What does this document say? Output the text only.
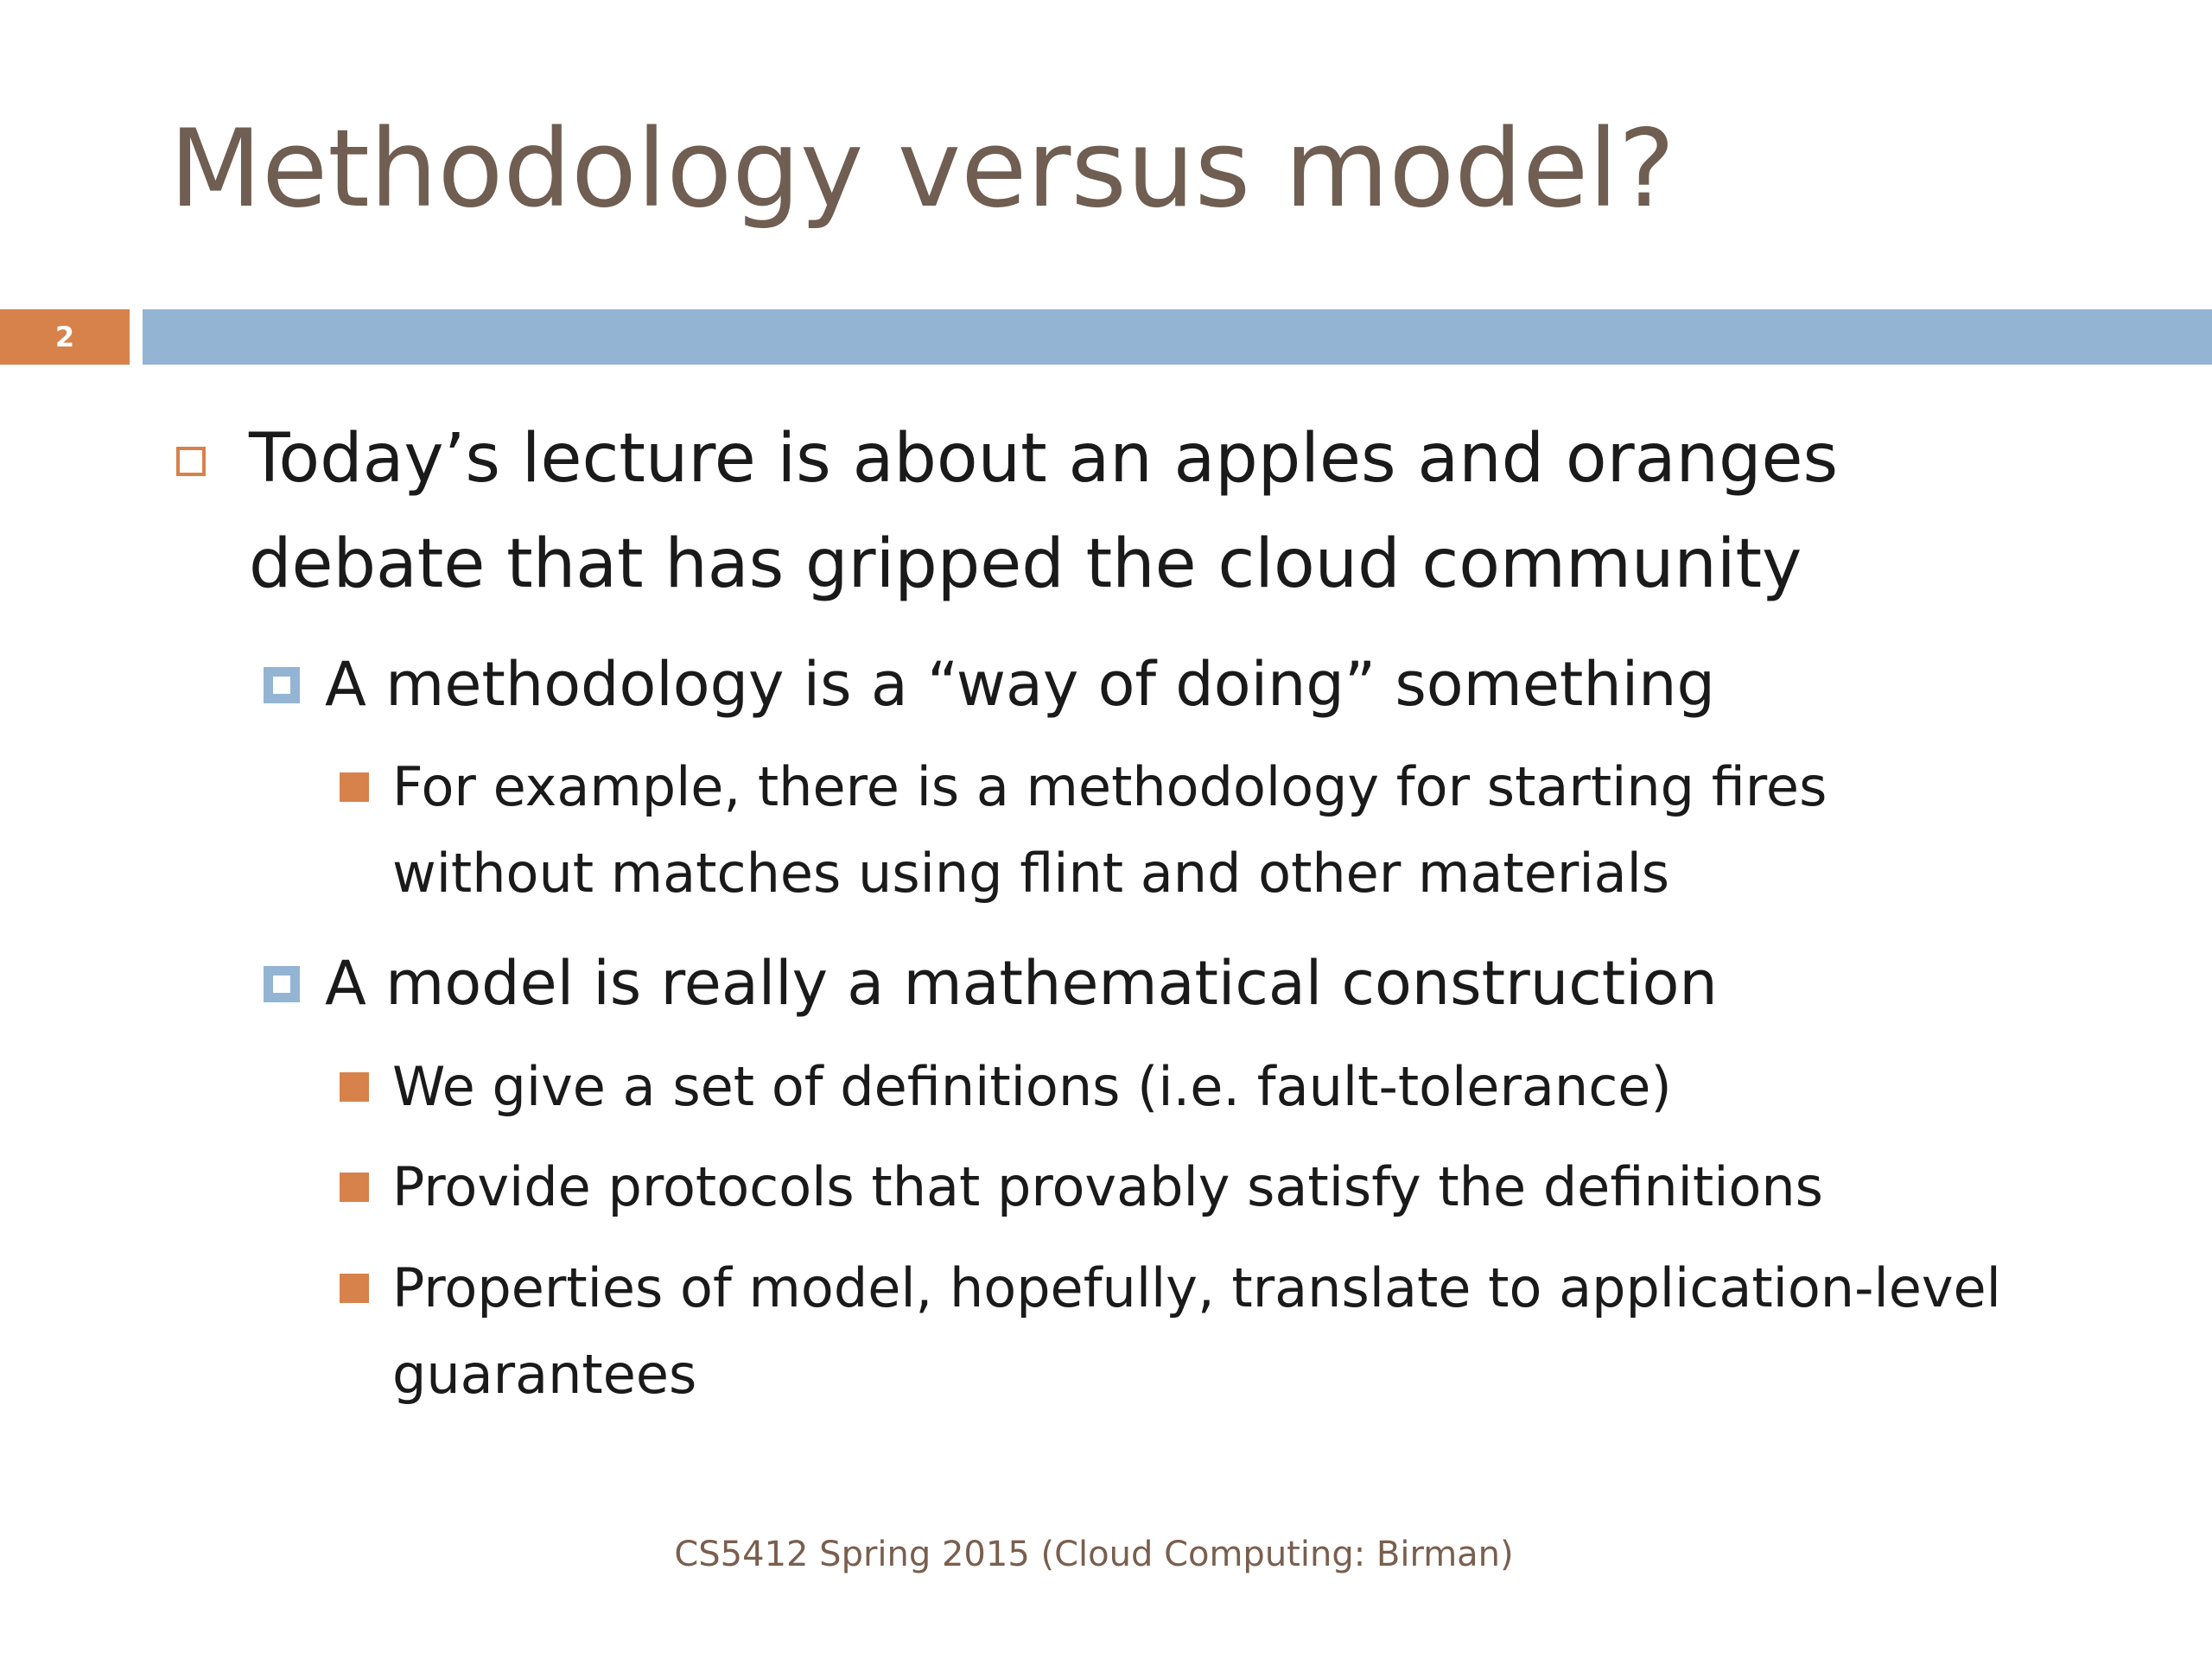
Methodology versus model?
2
Today’s lecture is about an apples and oranges debate that has gripped the cloud community
A methodology is a “way of doing” something
For example, there is a methodology for starting fires without matches using flint and other materials
A model is really a mathematical construction
We give a set of definitions (i.e. fault-tolerance)
Provide protocols that provably satisfy the definitions
Properties of model, hopefully, translate to application-level guarantees
CS5412 Spring 2015 (Cloud Computing: Birman)
